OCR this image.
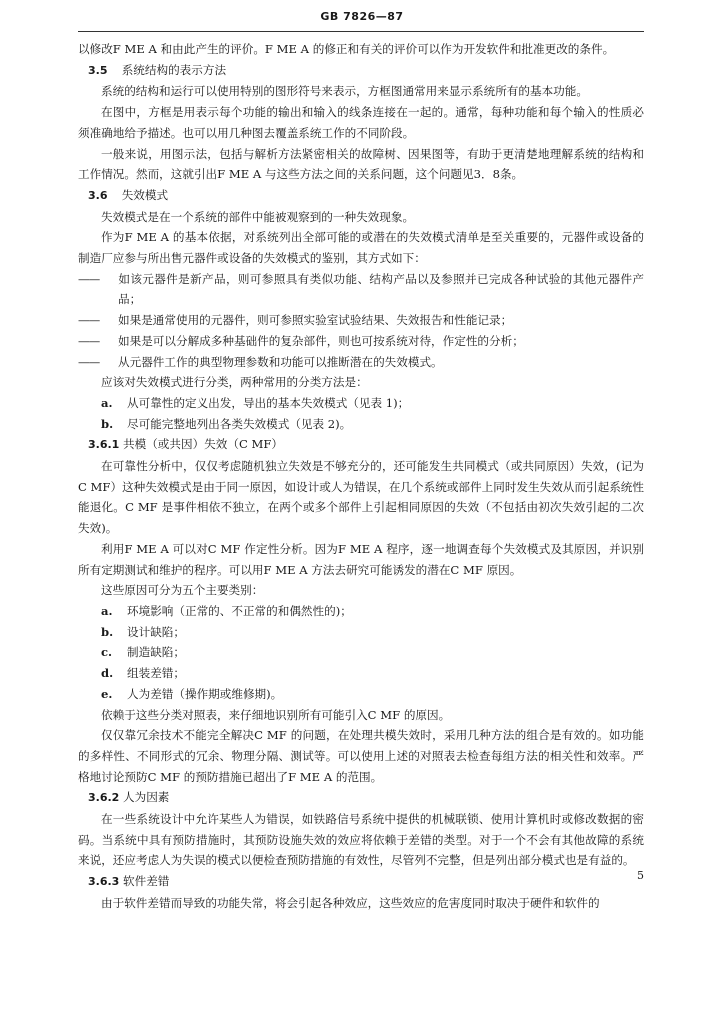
GB 7826—87

以修改F ME A 和由此产生的评价。F ME A 的修正和有关的评价可以作为开发软件和批准更改的条件。

3.5 系统结构的表示方法

系统的结构和运行可以使用特别的图形符号来表示，方框图通常用来显示系统所有的基本功能。

在图中，方框是用表示每个功能的输出和输入的线条连接在一起的。通常，每种功能和每个输入的性质必须准确地给予描述。也可以用几种图去覆盖系统工作的不同阶段。

一般来说，用图示法，包括与解析方法紧密相关的故障树、因果图等，有助于更清楚地理解系统的结构和工作情况。然而，这就引出F ME A 与这些方法之间的关系问题，这个问题见3．8条。

3.6 失效模式

失效模式是在一个系统的部件中能被观察到的一种失效现象。

作为F ME A 的基本依据，对系统列出全部可能的或潜在的失效模式清单是至关重要的，元器件或设备的制造厂应参与所出售元器件或设备的失效模式的鉴别，其方式如下：

—— 如该元器件是新产品，则可参照具有类似功能、结构产品以及参照并已完成各种试验的其他元器件产品；

—— 如果是通常使用的元器件，则可参照实验室试验结果、失效报告和性能记录；

—— 如果是可以分解成多种基础件的复杂部件，则也可按系统对待，作定性的分析；

—— 从元器件工作的典型物理参数和功能可以推断潜在的失效模式。

应该对失效模式进行分类，两种常用的分类方法是：

a. 从可靠性的定义出发，导出的基本失效模式（见表 1)；

b. 尽可能完整地列出各类失效模式（见表 2)。

3.6.1 共模（或共因）失效（C MF）

在可靠性分析中，仅仅考虑随机独立失效是不够充分的，还可能发生共同模式（或共同原因）失效，(记为C MF）这种失效模式是由于同一原因，如设计或人为错误，在几个系统或部件上同时发生失效从而引起系统性能退化。C MF 是事件相依不独立，在两个或多个部件上引起相同原因的失效（不包括由初次失效引起的二次失效)。

利用F ME A 可以对C MF 作定性分析。因为F ME A 程序，逐一地调查每个失效模式及其原因，并识别所有定期测试和维护的程序。可以用F ME A 方法去研究可能诱发的潜在C MF 原因。

这些原因可分为五个主要类别：

a. 环境影响（正常的、不正常的和偶然性的)；

b. 设计缺陷；

c. 制造缺陷；

d. 组装差错；

e. 人为差错（操作期或维修期)。

依赖于这些分类对照表，来仔细地识别所有可能引入C MF 的原因。

仅仅靠冗余技术不能完全解决C MF 的问题，在处理共模失效时，采用几种方法的组合是有效的。如功能的多样性、不同形式的冗余、物理分隔、测试等。可以使用上述的对照表去检查每组方法的相关性和效率。严格地讨论预防C MF 的预防措施已超出了F ME A 的范围。

3.6.2 人为因素

在一些系统设计中允许某些人为错误，如铁路信号系统中提供的机械联锁、使用计算机时或修改数据的密码。当系统中具有预防措施时，其预防设施失效的效应将依赖于差错的类型。对于一个不会有其他故障的系统来说，还应考虑人为失误的模式以便检查预防措施的有效性，尽管列不完整，但是列出部分模式也是有益的。

3.6.3 软件差错

由于软件差错而导致的功能失常，将会引起各种效应，这些效应的危害度同时取决于硬件和软件的

5
